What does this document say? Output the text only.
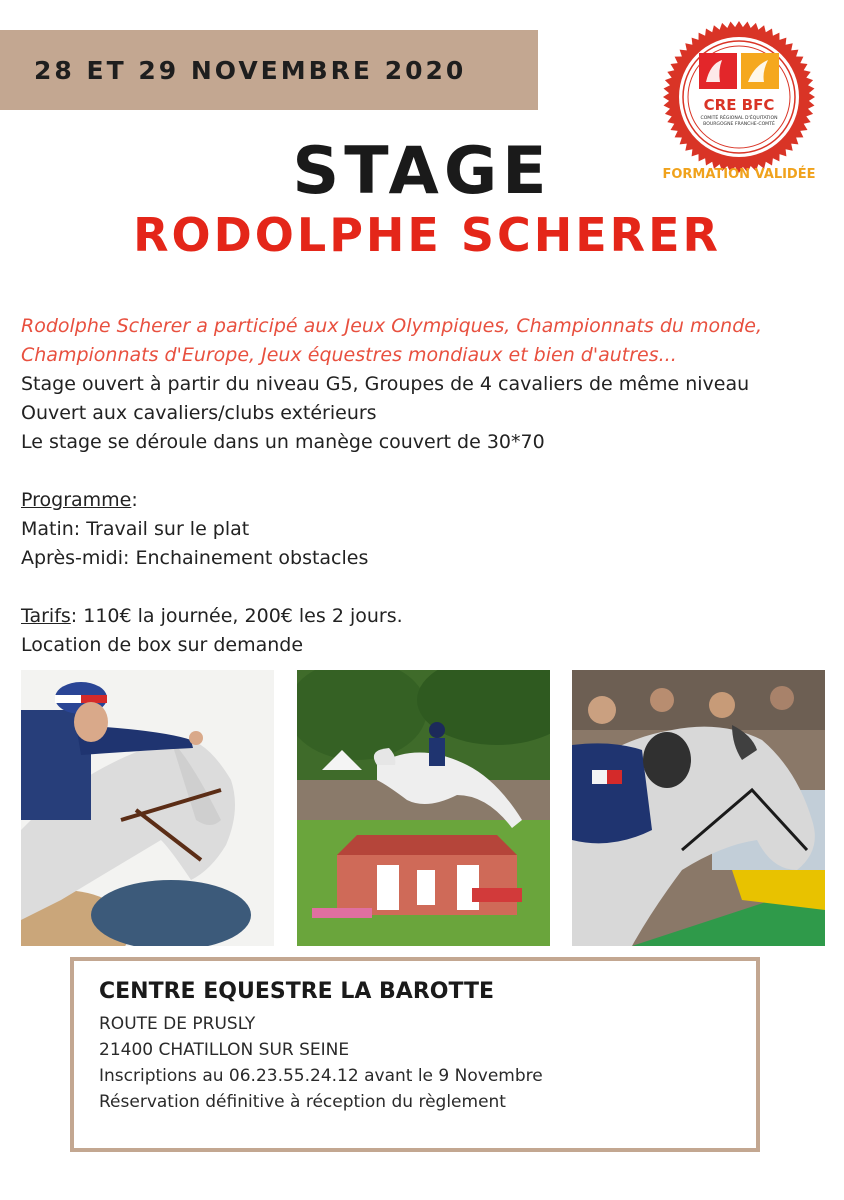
28 ET 29 NOVEMBRE 2020
CRE BFC
COMITÉ RÉGIONAL D'ÉQUITATION
BOURGOGNE FRANCHE-COMTÉ
FORMATION VALIDÉE
STAGE
RODOLPHE SCHERER
Rodolphe Scherer a participé aux Jeux Olympiques, Championnats du monde,
Championnats d'Europe, Jeux équestres mondiaux et bien d'autres...
Stage ouvert à partir du niveau G5, Groupes de 4 cavaliers de même niveau
Ouvert aux cavaliers/clubs extérieurs
Le stage se déroule dans un manège couvert de 30*70
Programme:
Matin: Travail sur le plat
Après-midi: Enchainement obstacles
Tarifs: 110€ la journée, 200€ les 2 jours.
Location de box sur demande
CENTRE EQUESTRE LA BAROTTE
ROUTE DE PRUSLY
21400 CHATILLON SUR SEINE
Inscriptions au 06.23.55.24.12 avant le 9 Novembre
Réservation définitive à réception du règlement
